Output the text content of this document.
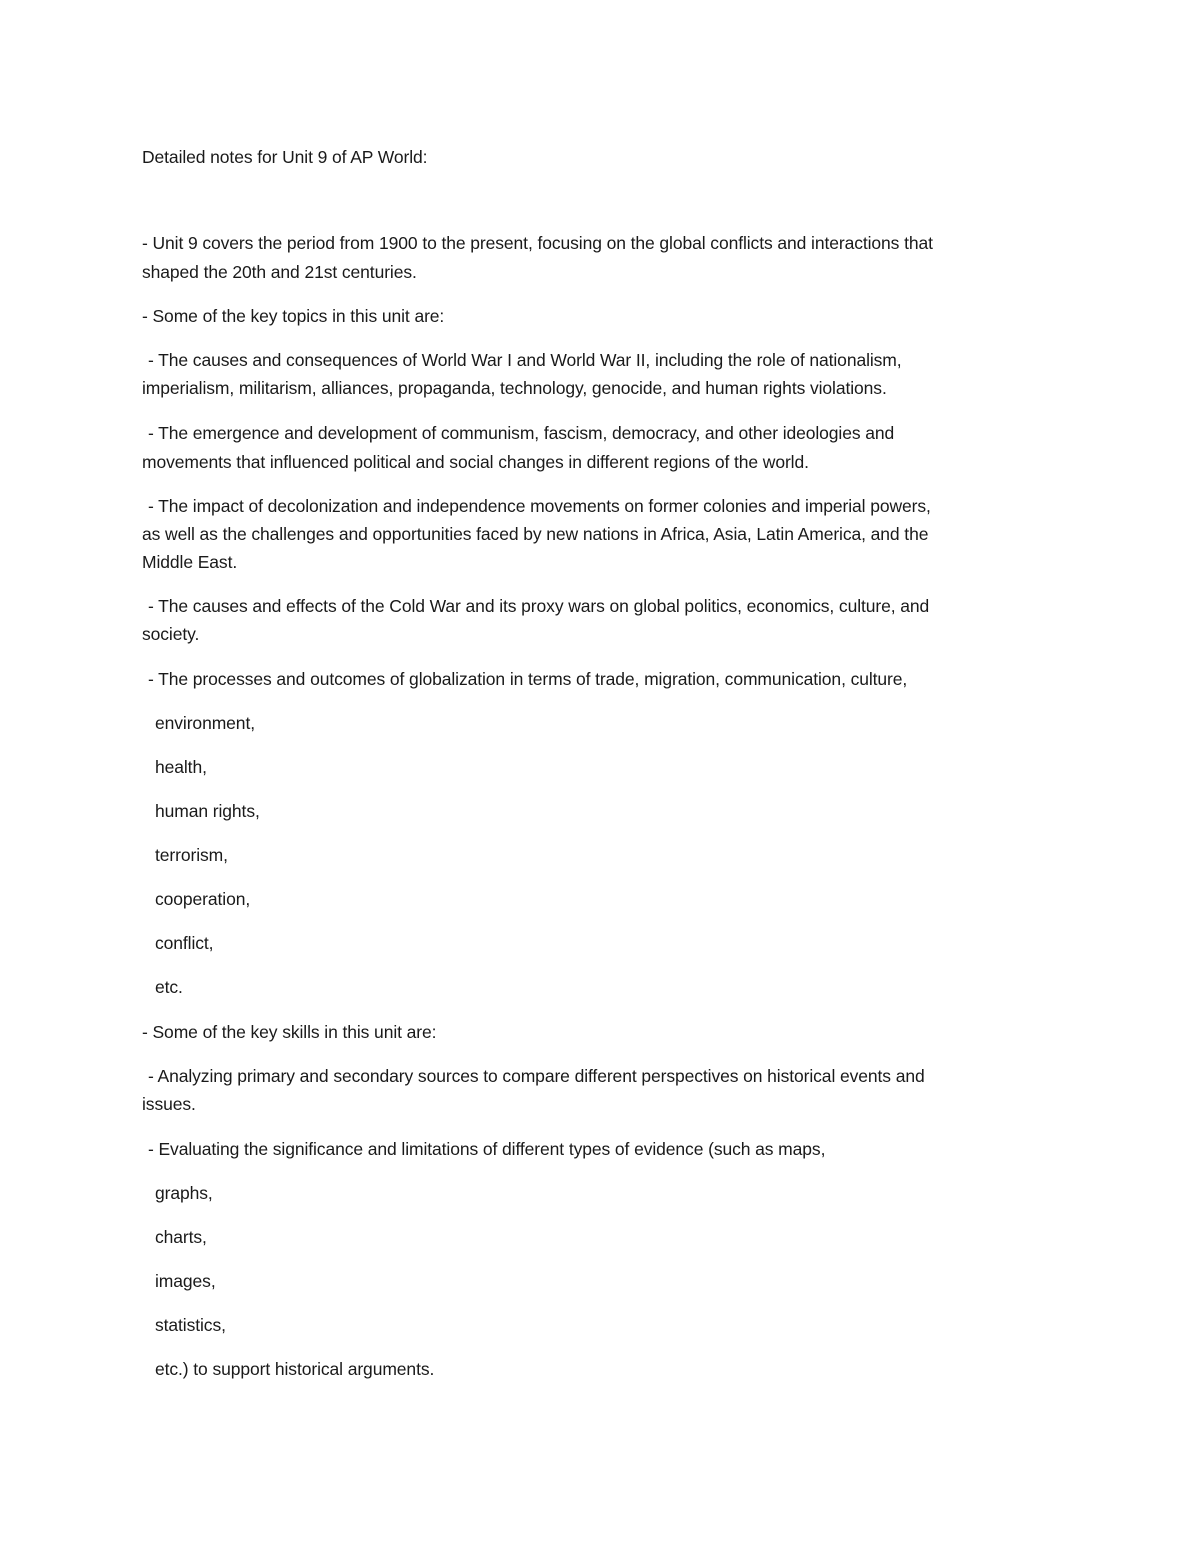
Detailed notes for Unit 9 of AP World:
- Unit 9 covers the period from 1900 to the present, focusing on the global conflicts and interactions that
shaped the 20th and 21st centuries.
- Some of the key topics in this unit are:
- The causes and consequences of World War I and World War II, including the role of nationalism,
imperialism, militarism, alliances, propaganda, technology, genocide, and human rights violations.
- The emergence and development of communism, fascism, democracy, and other ideologies and
movements that influenced political and social changes in different regions of the world.
- The impact of decolonization and independence movements on former colonies and imperial powers,
as well as the challenges and opportunities faced by new nations in Africa, Asia, Latin America, and the
Middle East.
- The causes and effects of the Cold War and its proxy wars on global politics, economics, culture, and
society.
- The processes and outcomes of globalization in terms of trade, migration, communication, culture,
environment,
health,
human rights,
terrorism,
cooperation,
conflict,
etc.
- Some of the key skills in this unit are:
- Analyzing primary and secondary sources to compare different perspectives on historical events and
issues.
- Evaluating the significance and limitations of different types of evidence (such as maps,
graphs,
charts,
images,
statistics,
etc.) to support historical arguments.
